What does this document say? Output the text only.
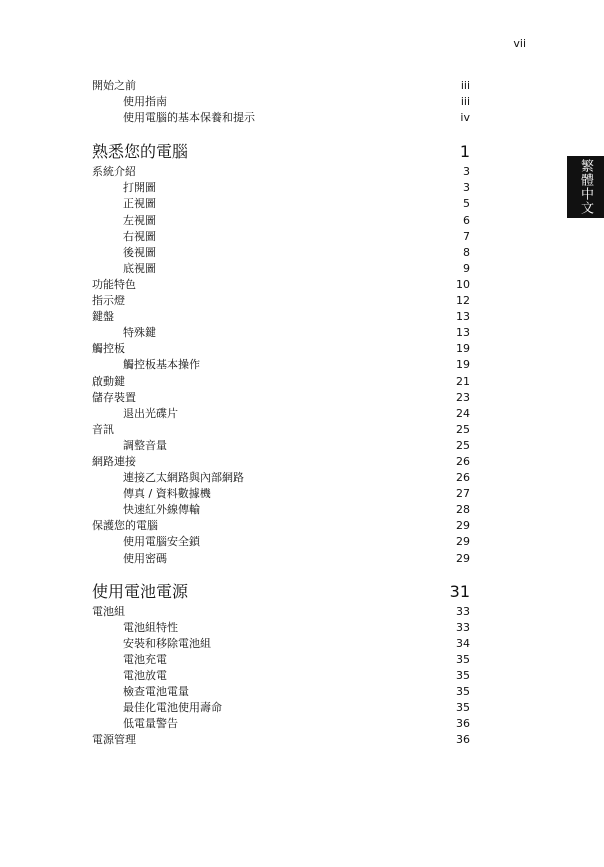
vii
繁體中文
開始之前	iii
使用指南	iii
使用電腦的基本保養和提示	iv
熟悉您的電腦	1
系統介紹	3
打開圖	3
正視圖	5
左視圖	6
右視圖	7
後視圖	8
底視圖	9
功能特色	10
指示燈	12
鍵盤	13
特殊鍵	13
觸控板	19
觸控板基本操作	19
啟動鍵	21
儲存裝置	23
退出光碟片	24
音訊	25
調整音量	25
網路連接	26
連接乙太網路與內部網路	26
傳真 / 資料數據機	27
快速紅外線傳輸	28
保護您的電腦	29
使用電腦安全鎖	29
使用密碼	29
使用電池電源	31
電池組	33
電池組特性	33
安裝和移除電池組	34
電池充電	35
電池放電	35
檢查電池電量	35
最佳化電池使用壽命	35
低電量警告	36
電源管理	36
